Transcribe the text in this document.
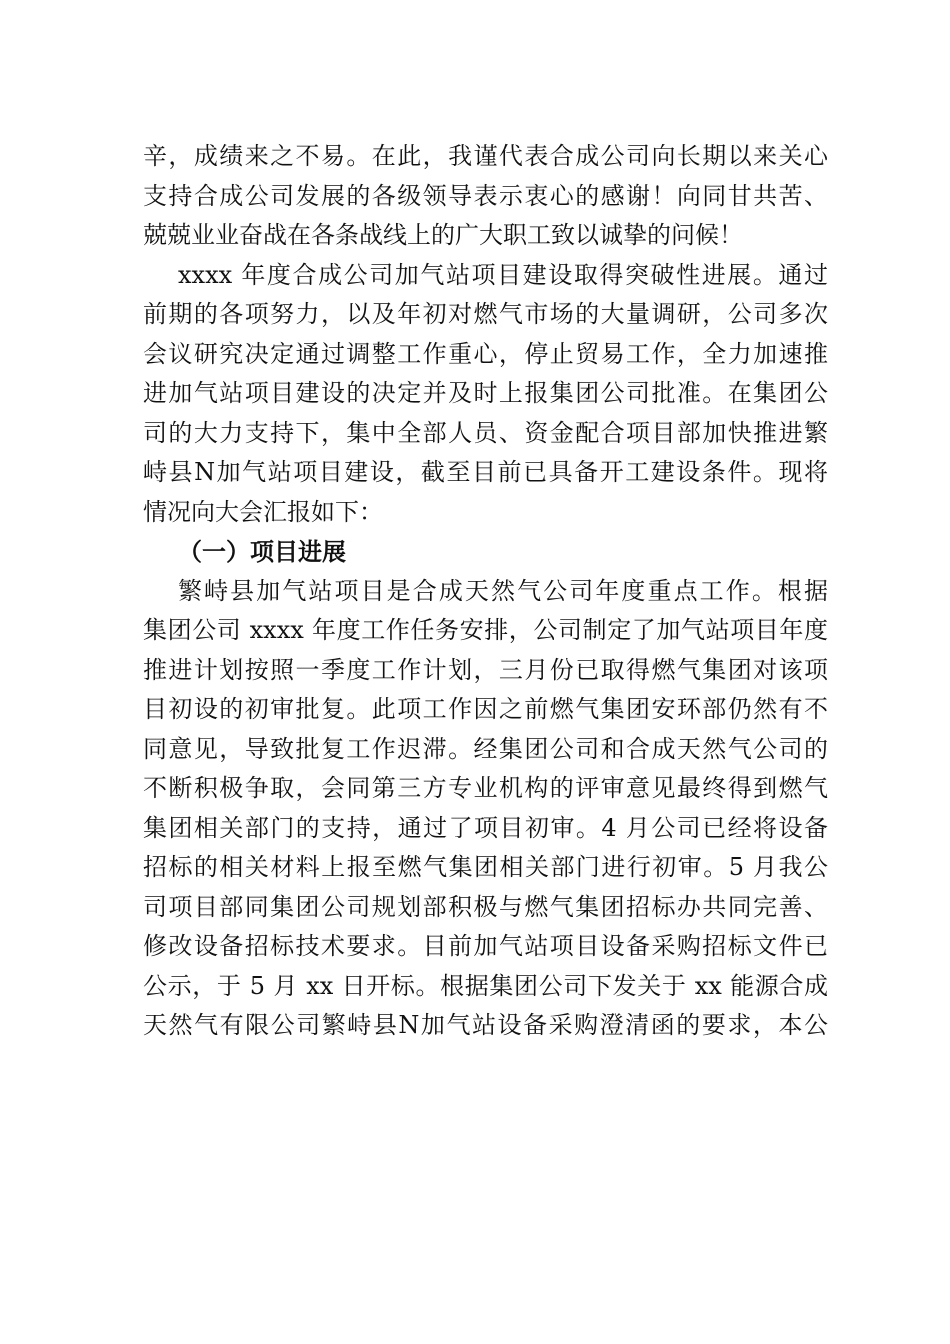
辛，成绩来之不易。在此，我谨代表合成公司向长期以来关心
支持合成公司发展的各级领导表示衷心的感谢！向同甘共苦、
兢兢业业奋战在各条战线上的广大职工致以诚挚的问候！
xxxx 年度合成公司加气站项目建设取得突破性进展。通过
前期的各项努力，以及年初对燃气市场的大量调研，公司多次
会议研究决定通过调整工作重心，停止贸易工作，全力加速推
进加气站项目建设的决定并及时上报集团公司批准。在集团公
司的大力支持下，集中全部人员、资金配合项目部加快推进繁
峙县N加气站项目建设，截至目前已具备开工建设条件。现将
情况向大会汇报如下：
（一）项目进展
繁峙县加气站项目是合成天然气公司年度重点工作。根据
集团公司 xxxx 年度工作任务安排，公司制定了加气站项目年度
推进计划按照一季度工作计划，三月份已取得燃气集团对该项
目初设的初审批复。此项工作因之前燃气集团安环部仍然有不
同意见，导致批复工作迟滞。经集团公司和合成天然气公司的
不断积极争取，会同第三方专业机构的评审意见最终得到燃气
集团相关部门的支持，通过了项目初审。4 月公司已经将设备
招标的相关材料上报至燃气集团相关部门进行初审。5 月我公
司项目部同集团公司规划部积极与燃气集团招标办共同完善、
修改设备招标技术要求。目前加气站项目设备采购招标文件已
公示，于 5 月 xx 日开标。根据集团公司下发关于 xx 能源合成
天然气有限公司繁峙县N加气站设备采购澄清函的要求，本公
